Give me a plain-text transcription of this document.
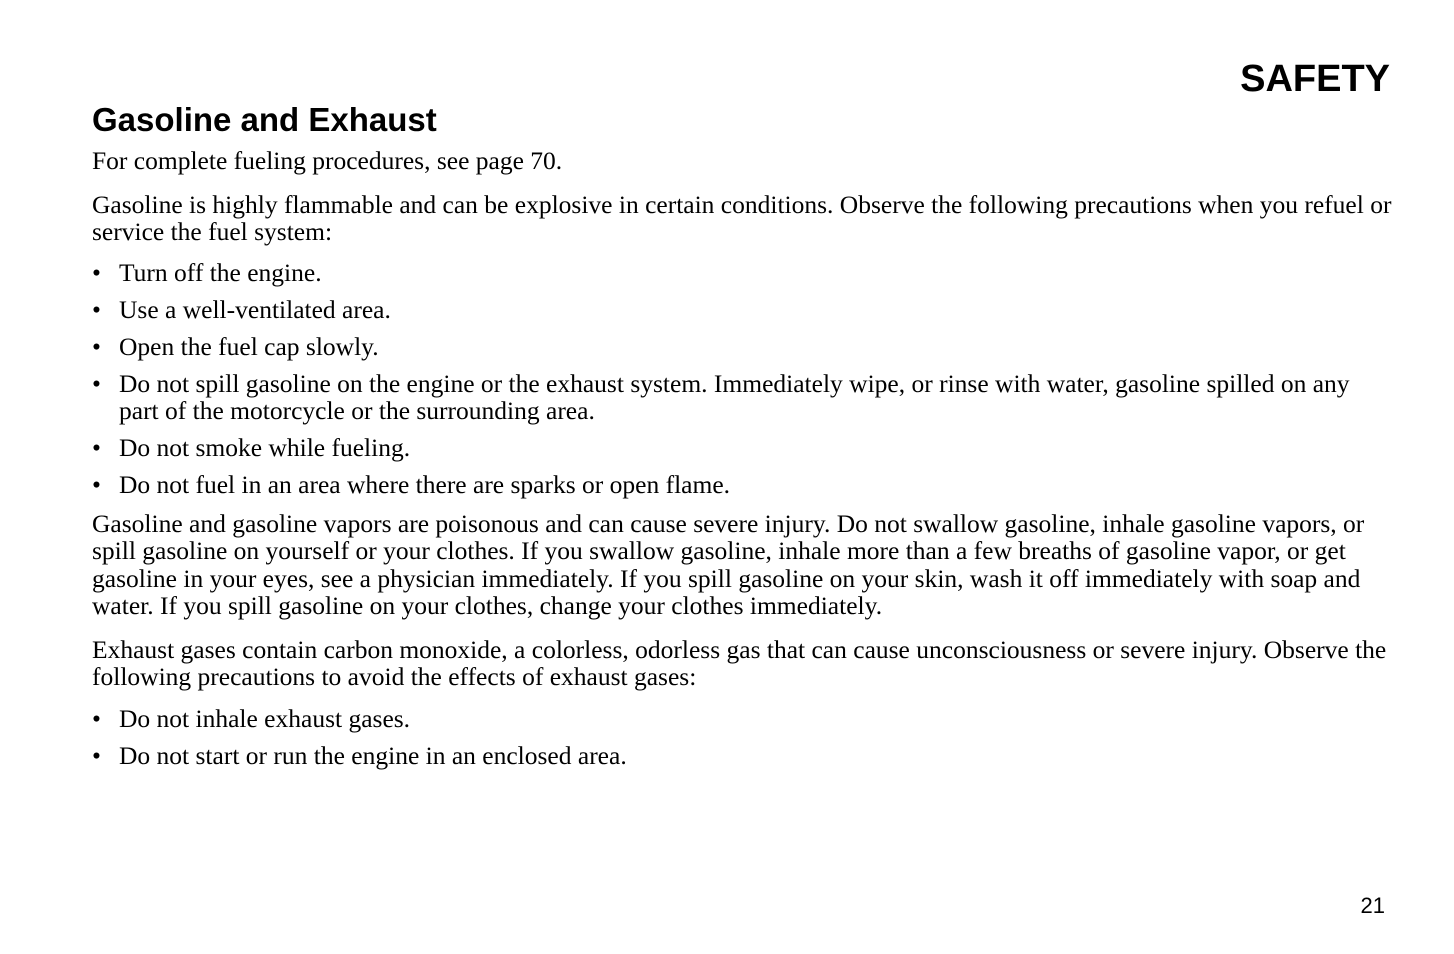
SAFETY
Gasoline and Exhaust

For complete fueling procedures, see page 70.

Gasoline is highly flammable and can be explosive in certain conditions. Observe the following precautions when you refuel or service the fuel system:

• Turn off the engine.
• Use a well-ventilated area.
• Open the fuel cap slowly.
• Do not spill gasoline on the engine or the exhaust system. Immediately wipe, or rinse with water, gasoline spilled on any part of the motorcycle or the surrounding area.
• Do not smoke while fueling.
• Do not fuel in an area where there are sparks or open flame.

Gasoline and gasoline vapors are poisonous and can cause severe injury. Do not swallow gasoline, inhale gasoline vapors, or spill gasoline on yourself or your clothes. If you swallow gasoline, inhale more than a few breaths of gasoline vapor, or get gasoline in your eyes, see a physician immediately. If you spill gasoline on your skin, wash it off immediately with soap and water. If you spill gasoline on your clothes, change your clothes immediately.

Exhaust gases contain carbon monoxide, a colorless, odorless gas that can cause unconsciousness or severe injury. Observe the following precautions to avoid the effects of exhaust gases:

• Do not inhale exhaust gases.
• Do not start or run the engine in an enclosed area.

21
